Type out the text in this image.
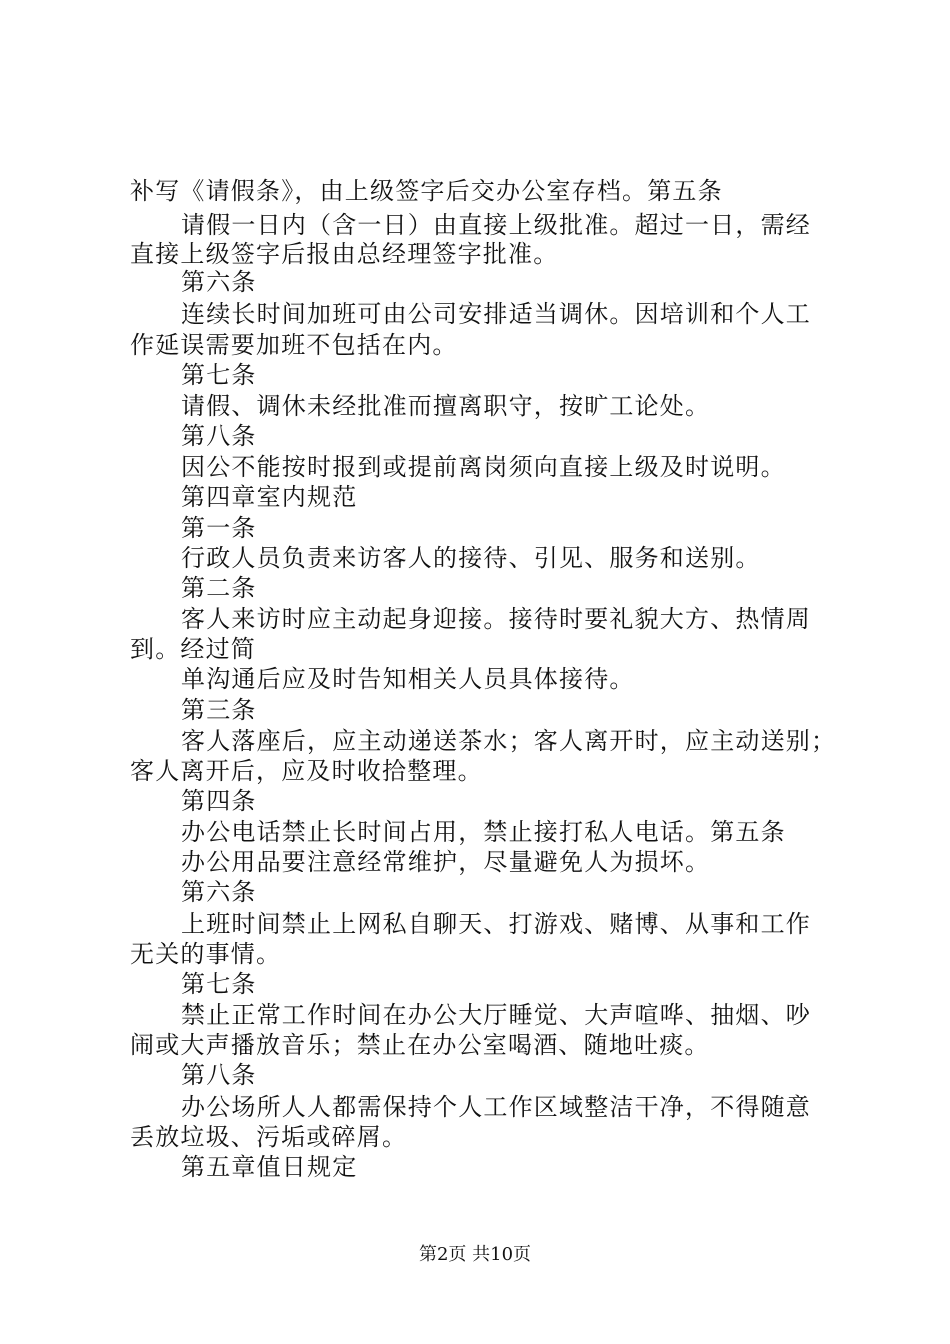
补写《请假条》，由上级签字后交办公室存档。第五条
请假一日内（含一日）由直接上级批准。超过一日，需经
直接上级签字后报由总经理签字批准。
第六条
连续长时间加班可由公司安排适当调休。因培训和个人工
作延误需要加班不包括在内。
第七条
请假、调休未经批准而擅离职守，按旷工论处。
第八条
因公不能按时报到或提前离岗须向直接上级及时说明。
第四章室内规范
第一条
行政人员负责来访客人的接待、引见、服务和送别。
第二条
客人来访时应主动起身迎接。接待时要礼貌大方、热情周
到。经过简
单沟通后应及时告知相关人员具体接待。
第三条
客人落座后，应主动递送茶水；客人离开时，应主动送别；
客人离开后，应及时收拾整理。
第四条
办公电话禁止长时间占用，禁止接打私人电话。第五条
办公用品要注意经常维护，尽量避免人为损坏。
第六条
上班时间禁止上网私自聊天、打游戏、赌博、从事和工作
无关的事情。
第七条
禁止正常工作时间在办公大厅睡觉、大声喧哗、抽烟、吵
闹或大声播放音乐；禁止在办公室喝酒、随地吐痰。
第八条
办公场所人人都需保持个人工作区域整洁干净，不得随意
丢放垃圾、污垢或碎屑。
第五章值日规定
第2页 共10页
